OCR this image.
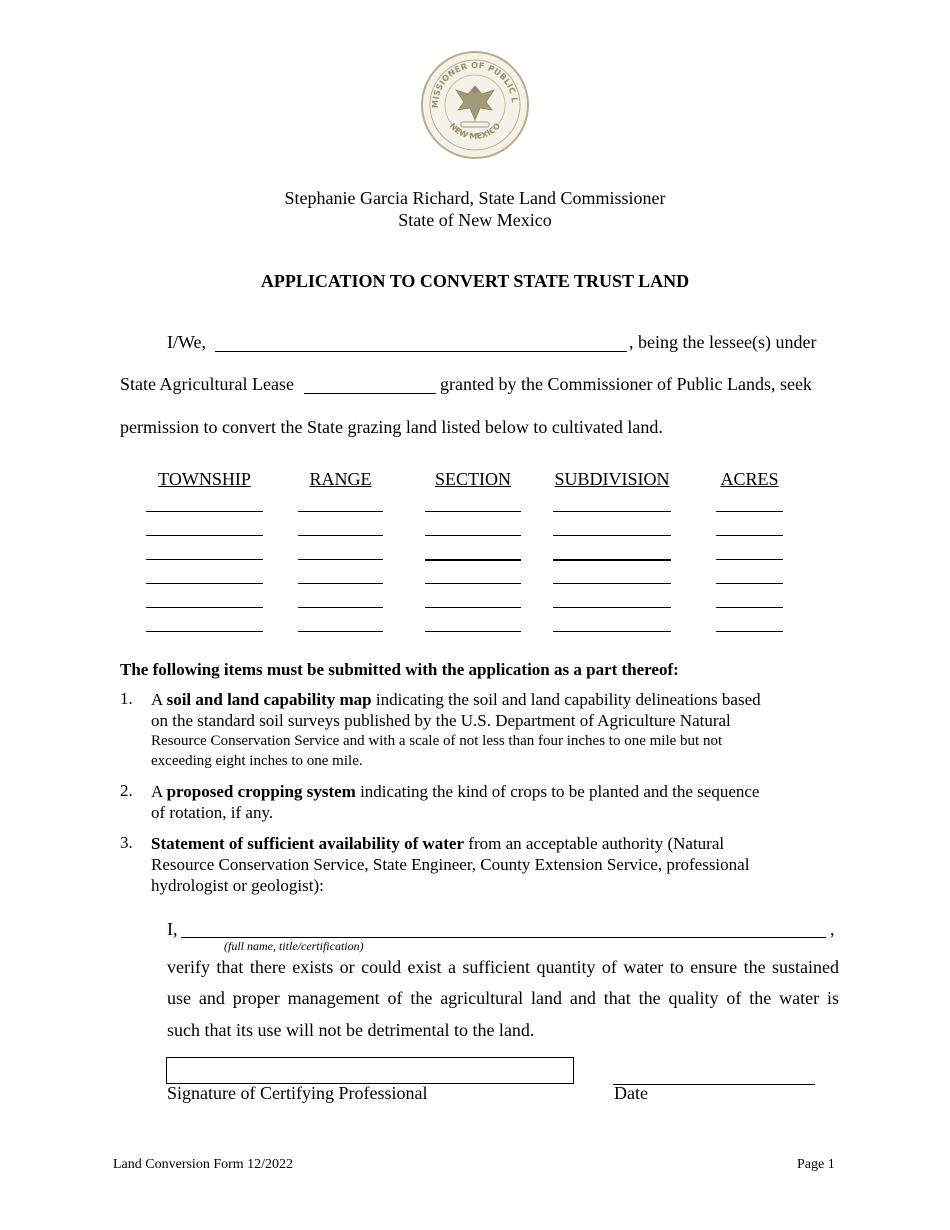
MISSIONER OF PUBLIC L
NEW MEXICO
Stephanie Garcia Richard, State Land Commissioner
State of New Mexico
APPLICATION TO CONVERT STATE TRUST LAND
I/We,	, being the lessee(s) under
State Agricultural Lease	granted by the Commissioner of Public Lands, seek
permission to convert the State grazing land listed below to cultivated land.
TOWNSHIP	RANGE	SECTION	SUBDIVISION	ACRES
The following items must be submitted with the application as a part thereof:
1. A soil and land capability map indicating the soil and land capability delineations based
on the standard soil surveys published by the U.S. Department of Agriculture Natural
Resource Conservation Service and with a scale of not less than four inches to one mile but not
exceeding eight inches to one mile.
2. A proposed cropping system indicating the kind of crops to be planted and the sequence
of rotation, if any.
3. Statement of sufficient availability of water from an acceptable authority (Natural
Resource Conservation Service, State Engineer, County Extension Service, professional
hydrologist or geologist):
I,	,
(full name, title/certification)
verify that there exists or could exist a sufficient quantity of water to ensure the sustained
use and proper management of the agricultural land and that the quality of the water is
such that its use will not be detrimental to the land.
Signature of Certifying Professional	Date
Land Conversion Form 12/2022	Page 1
